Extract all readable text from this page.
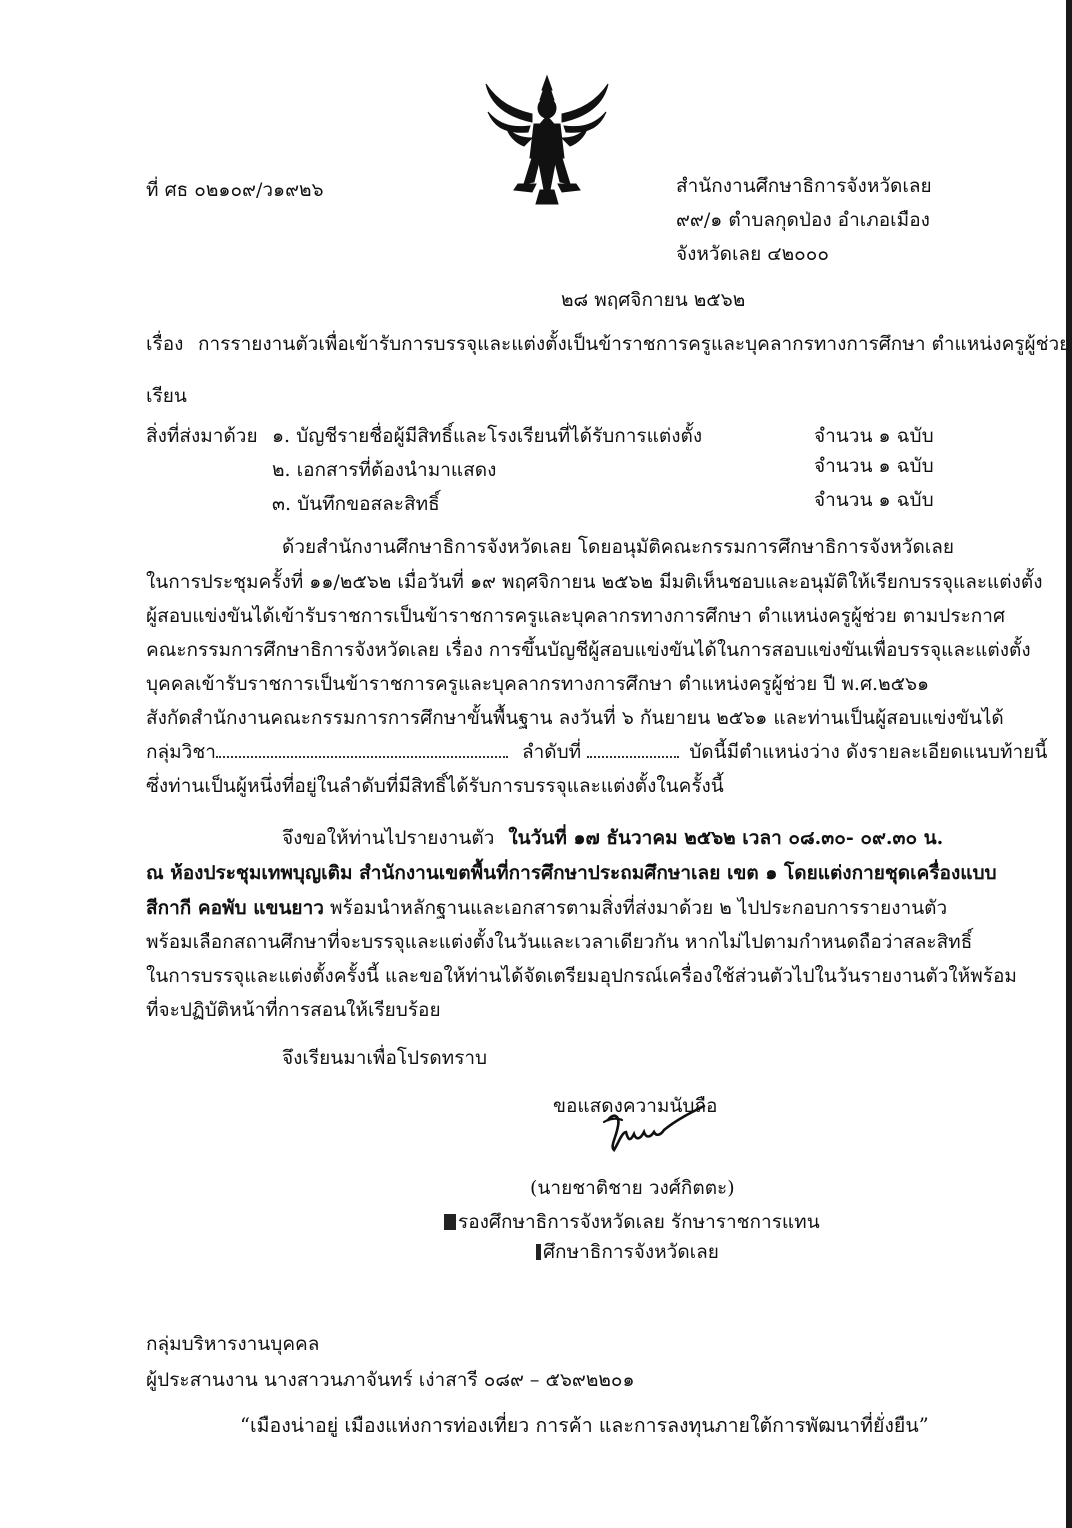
ที่ ศธ ๐๒๑๐๙/ว๑๙๒๖	สำนักงานศึกษาธิการจังหวัดเลย
๙๙/๑ ตำบลกุดป่อง อำเภอเมือง
จังหวัดเลย ๔๒๐๐๐
๒๘ พฤศจิกายน ๒๕๖๒
เรื่อง การรายงานตัวเพื่อเข้ารับการบรรจุและแต่งตั้งเป็นข้าราชการครูและบุคลากรทางการศึกษา ตำแหน่งครูผู้ช่วย
เรียน
สิ่งที่ส่งมาด้วย ๑. บัญชีรายชื่อผู้มีสิทธิ์และโรงเรียนที่ได้รับการแต่งตั้ง	จำนวน ๑ ฉบับ
๒. เอกสารที่ต้องนำมาแสดง	จำนวน ๑ ฉบับ
๓. บันทึกขอสละสิทธิ์	จำนวน ๑ ฉบับ
ด้วยสำนักงานศึกษาธิการจังหวัดเลย โดยอนุมัติคณะกรรมการศึกษาธิการจังหวัดเลย
ในการประชุมครั้งที่ ๑๑/๒๕๖๒ เมื่อวันที่ ๑๙ พฤศจิกายน ๒๕๖๒ มีมติเห็นชอบและอนุมัติให้เรียกบรรจุและแต่งตั้ง
ผู้สอบแข่งขันได้เข้ารับราชการเป็นข้าราชการครูและบุคลากรทางการศึกษา ตำแหน่งครูผู้ช่วย ตามประกาศ
คณะกรรมการศึกษาธิการจังหวัดเลย เรื่อง การขึ้นบัญชีผู้สอบแข่งขันได้ในการสอบแข่งขันเพื่อบรรจุและแต่งตั้ง
บุคคลเข้ารับราชการเป็นข้าราชการครูและบุคลากรทางการศึกษา ตำแหน่งครูผู้ช่วย ปี พ.ศ.๒๕๖๑
สังกัดสำนักงานคณะกรรมการการศึกษาขั้นพื้นฐาน ลงวันที่ ๖ กันยายน ๒๕๖๑ และท่านเป็นผู้สอบแข่งขันได้
กลุ่มวิชา	ลำดับที่	บัดนี้มีตำแหน่งว่าง ดังรายละเอียดแนบท้ายนี้
ซึ่งท่านเป็นผู้หนึ่งที่อยู่ในลำดับที่มีสิทธิ์ได้รับการบรรจุและแต่งตั้งในครั้งนี้
จึงขอให้ท่านไปรายงานตัว ในวันที่ ๑๗ ธันวาคม ๒๕๖๒ เวลา ๐๘.๓๐- ๐๙.๓๐ น.
ณ ห้องประชุมเทพบุญเติม สำนักงานเขตพื้นที่การศึกษาประถมศึกษาเลย เขต ๑ โดยแต่งกายชุดเครื่องแบบ
สีกากี คอพับ แขนยาว พร้อมนำหลักฐานและเอกสารตามสิ่งที่ส่งมาด้วย ๒ ไปประกอบการรายงานตัว
พร้อมเลือกสถานศึกษาที่จะบรรจุและแต่งตั้งในวันและเวลาเดียวกัน หากไม่ไปตามกำหนดถือว่าสละสิทธิ์
ในการบรรจุและแต่งตั้งครั้งนี้ และขอให้ท่านได้จัดเตรียมอุปกรณ์เครื่องใช้ส่วนตัวไปในวันรายงานตัวให้พร้อม
ที่จะปฏิบัติหน้าที่การสอนให้เรียบร้อย
จึงเรียนมาเพื่อโปรดทราบ
ขอแสดงความนับถือ
(นายชาติชาย วงศ์กิตตะ)
รองศึกษาธิการจังหวัดเลย รักษาราชการแทน
ศึกษาธิการจังหวัดเลย
กลุ่มบริหารงานบุคคล
ผู้ประสานงาน นางสาวนภาจันทร์ เง่าสารี ๐๘๙ – ๕๖๙๒๒๐๑
“เมืองน่าอยู่ เมืองแห่งการท่องเที่ยว การค้า และการลงทุนภายใต้การพัฒนาที่ยั่งยืน”
